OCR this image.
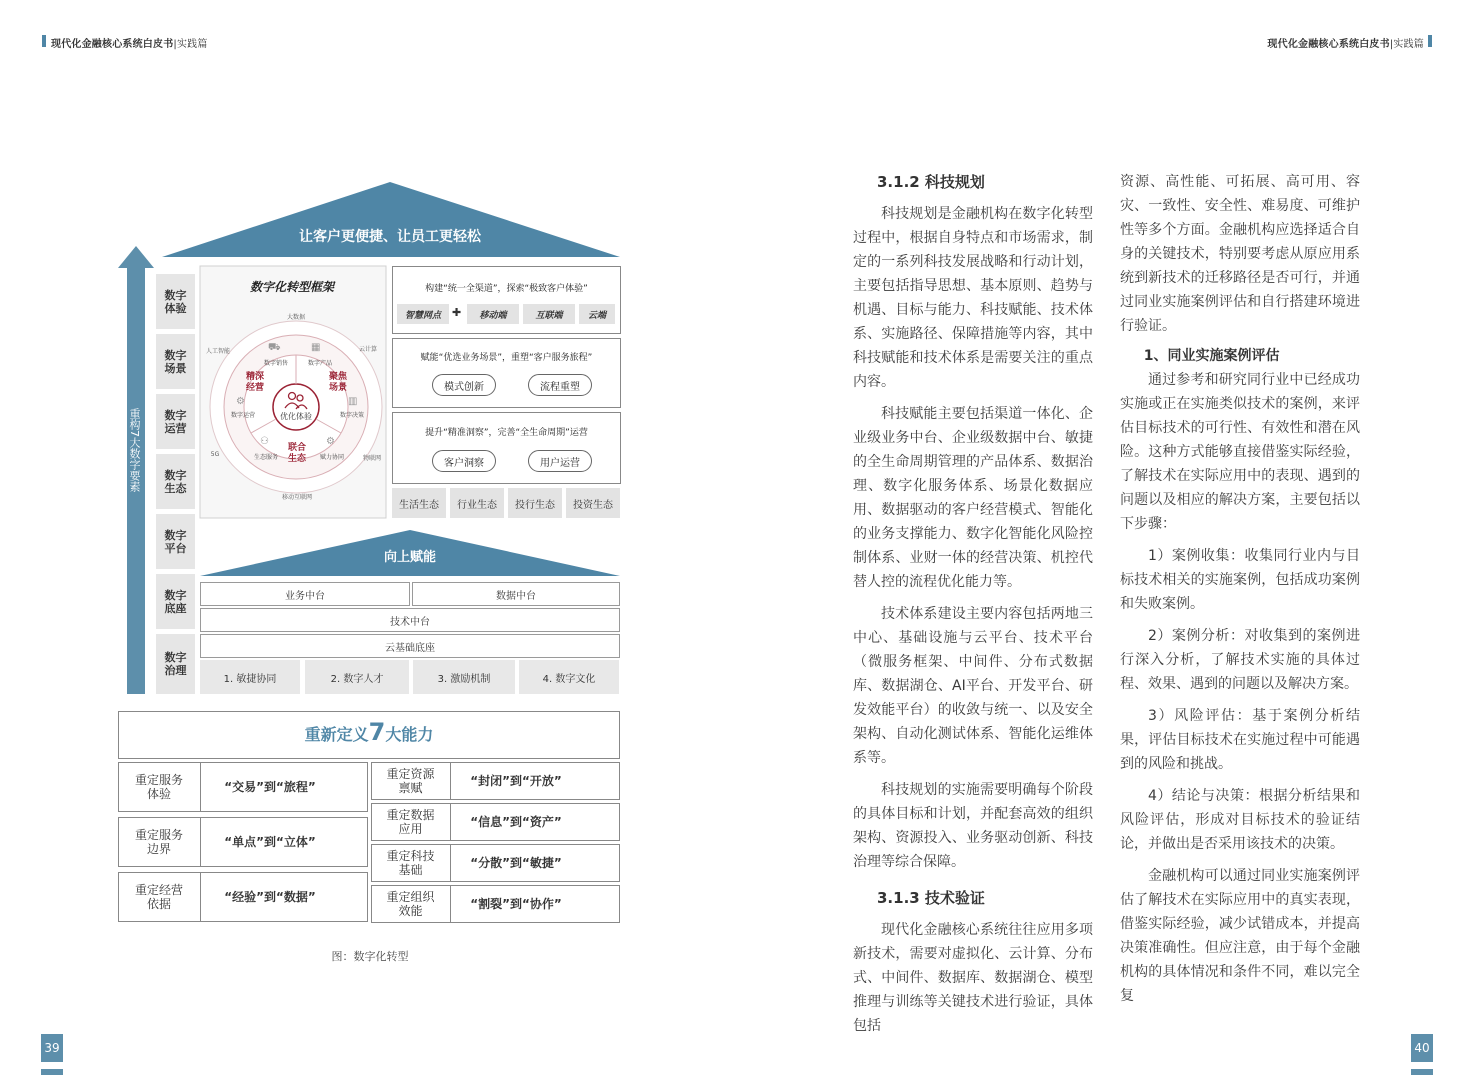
现代化金融核心系统白皮书|实践篇	现代化金融核心系统白皮书|实践篇
让客户更便捷、让员工更轻松
重构7大数字要素
数字
体验
数字
场景
数字
运营
数字
生态
数字
平台
数字
底座
数字
治理
数字化转型框架
优化体验
精深
经营
聚焦
场景
联合
生态
⛟
数字销售
▦
数字产品
⚙
数字运营
▥
数字决策
⚇
生态服务
⚙
赋力协同
大数据
人工智能	云计算
5G
物联网
移动互联网
构建“统一全渠道”，探索“极致客户体验”
智慧网点	✚	移动端	互联端	云端
赋能“优选业务场景”，重塑“客户服务旅程”
模式创新	流程重塑
提升“精准洞察”，完善“全生命周期”运营
客户洞察	用户运营
生活生态	行业生态	投行生态	投资生态
向上赋能
业务中台	数据中台
技术中台
云基础底座
1. 敏捷协同	2. 数字人才	3. 激励机制	4. 数字文化
重新定义7大能力
重定服务
体验	“交易”到“旅程”
重定服务
边界	“单点”到“立体”
重定经营
依据	“经验”到“数据”
重定资源
禀赋	“封闭”到“开放”
重定数据
应用	“信息”到“资产”
重定科技
基础	“分散”到“敏捷”
重定组织
效能	“割裂”到“协作”
图：数字化转型
3.1.2 科技规划

科技规划是金融机构在数字化转型过程中，根据自身特点和市场需求，制定的一系列科技发展战略和行动计划，主要包括指导思想、基本原则、趋势与机遇、目标与能力、科技赋能、技术体系、实施路径、保障措施等内容，其中科技赋能和技术体系是需要关注的重点内容。

科技赋能主要包括渠道一体化、企业级业务中台、企业级数据中台、敏捷的全生命周期管理的产品体系、数据治理、数字化服务体系、场景化数据应用、数据驱动的客户经营模式、智能化的业务支撑能力、数字化智能化风险控制体系、业财一体的经营决策、机控代替人控的流程优化能力等。

技术体系建设主要内容包括两地三中心、基础设施与云平台、技术平台（微服务框架、中间件、分布式数据库、数据湖仓、AI平台、开发平台、研发效能平台）的收敛与统一、以及安全架构、自动化测试体系、智能化运维体系等。

科技规划的实施需要明确每个阶段的具体目标和计划，并配套高效的组织架构、资源投入、业务驱动创新、科技治理等综合保障。

3.1.3 技术验证

现代化金融核心系统往往应用多项新技术，需要对虚拟化、云计算、分布式、中间件、数据库、数据湖仓、模型推理与训练等关键技术进行验证，具体包括

资源、高性能、可拓展、高可用、容灾、一致性、安全性、难易度、可维护性等多个方面。金融机构应选择适合自身的关键技术，特别要考虑从原应用系统到新技术的迁移路径是否可行，并通过同业实施案例评估和自行搭建环境进行验证。

1、同业实施案例评估

通过参考和研究同行业中已经成功实施或正在实施类似技术的案例，来评估目标技术的可行性、有效性和潜在风险。这种方式能够直接借鉴实际经验，了解技术在实际应用中的表现、遇到的问题以及相应的解决方案，主要包括以下步骤：

1）案例收集：收集同行业内与目标技术相关的实施案例，包括成功案例和失败案例。

2）案例分析：对收集到的案例进行深入分析，了解技术实施的具体过程、效果、遇到的问题以及解决方案。

3）风险评估：基于案例分析结果，评估目标技术在实施过程中可能遇到的风险和挑战。

4）结论与决策：根据分析结果和风险评估，形成对目标技术的验证结论，并做出是否采用该技术的决策。

金融机构可以通过同业实施案例评估了解技术在实际应用中的真实表现，借鉴实际经验，减少试错成本，并提高决策准确性。但应注意，由于每个金融机构的具体情况和条件不同，难以完全复

39	40
